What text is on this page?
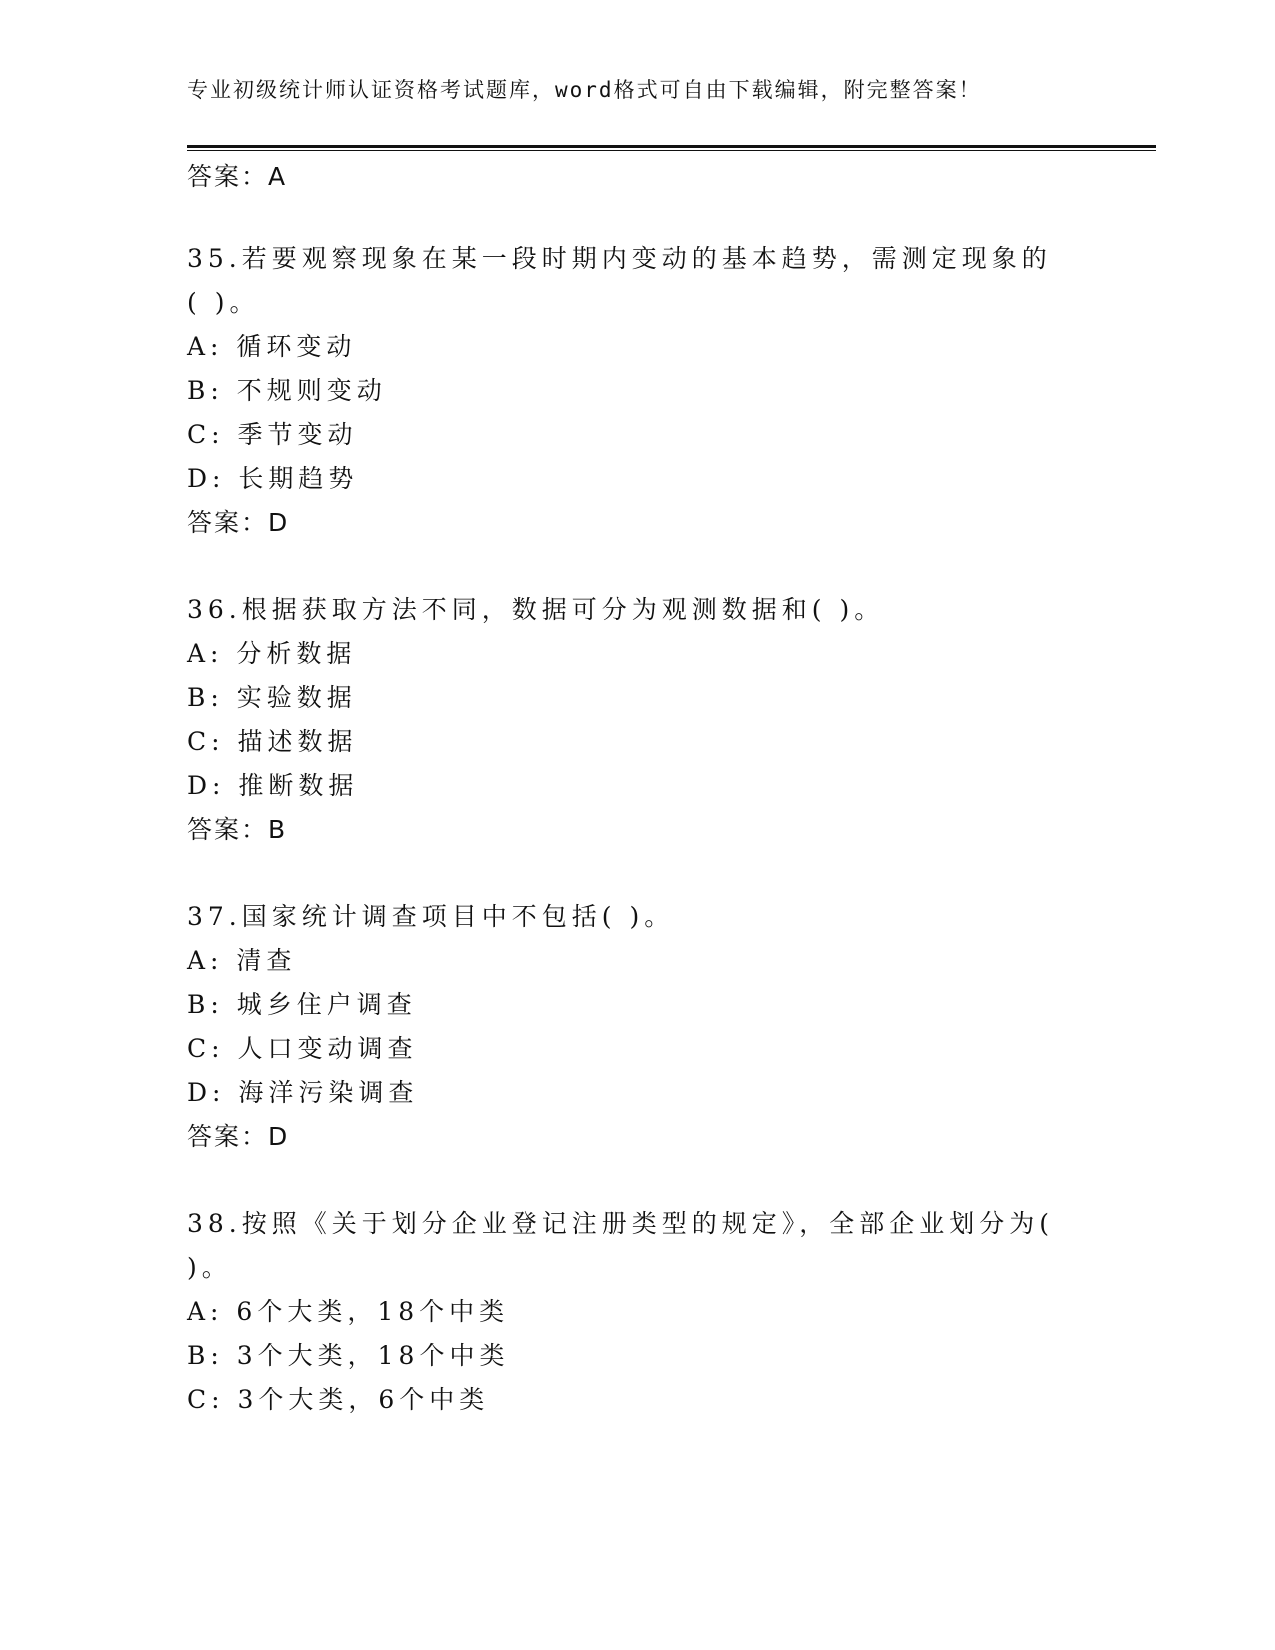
专业初级统计师认证资格考试题库，word格式可自由下载编辑，附完整答案！
答案：A
35.若要观察现象在某一段时期内变动的基本趋势，需测定现象的
( )。
A: 循环变动
B: 不规则变动
C: 季节变动
D: 长期趋势
答案：D
36.根据获取方法不同，数据可分为观测数据和( )。
A: 分析数据
B: 实验数据
C: 描述数据
D: 推断数据
答案：B
37.国家统计调查项目中不包括( )。
A: 清查
B: 城乡住户调查
C: 人口变动调查
D: 海洋污染调查
答案：D
38.按照《关于划分企业登记注册类型的规定》，全部企业划分为(
)。
A: 6个大类，18个中类
B: 3个大类，18个中类
C: 3个大类，6个中类
